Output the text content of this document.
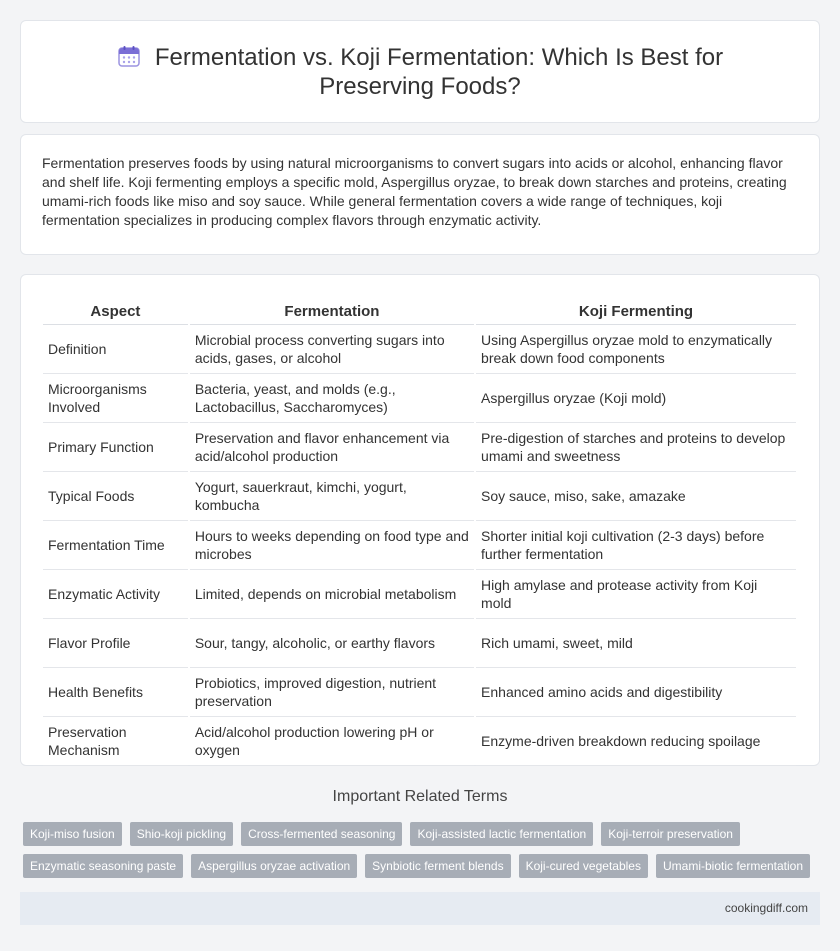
Fermentation vs. Koji Fermentation: Which Is Best for Preserving Foods?

Fermentation preserves foods by using natural microorganisms to convert sugars into acids or alcohol, enhancing flavor and shelf life. Koji fermenting employs a specific mold, Aspergillus oryzae, to break down starches and proteins, creating umami-rich foods like miso and soy sauce. While general fermentation covers a wide range of techniques, koji fermentation specializes in producing complex flavors through enzymatic activity.

Aspect	Fermentation	Koji Fermenting
Definition	Microbial process converting sugars into acids, gases, or alcohol	Using Aspergillus oryzae mold to enzymatically break down food components
Microorganisms Involved	Bacteria, yeast, and molds (e.g., Lactobacillus, Saccharomyces)	Aspergillus oryzae (Koji mold)
Primary Function	Preservation and flavor enhancement via acid/alcohol production	Pre-digestion of starches and proteins to develop umami and sweetness
Typical Foods	Yogurt, sauerkraut, kimchi, yogurt, kombucha	Soy sauce, miso, sake, amazake
Fermentation Time	Hours to weeks depending on food type and microbes	Shorter initial koji cultivation (2-3 days) before further fermentation
Enzymatic Activity	Limited, depends on microbial metabolism	High amylase and protease activity from Koji mold
Flavor Profile	Sour, tangy, alcoholic, or earthy flavors	Rich umami, sweet, mild
Health Benefits	Probiotics, improved digestion, nutrient preservation	Enhanced amino acids and digestibility
Preservation Mechanism	Acid/alcohol production lowering pH or oxygen	Enzyme-driven breakdown reducing spoilage
Important Related Terms
Koji-miso fusion	Shio-koji pickling	Cross-fermented seasoning	Koji-assisted lactic fermentation	Koji-terroir preservation
Enzymatic seasoning paste	Aspergillus oryzae activation	Synbiotic ferment blends	Koji-cured vegetables	Umami-biotic fermentation
cookingdiff.com
